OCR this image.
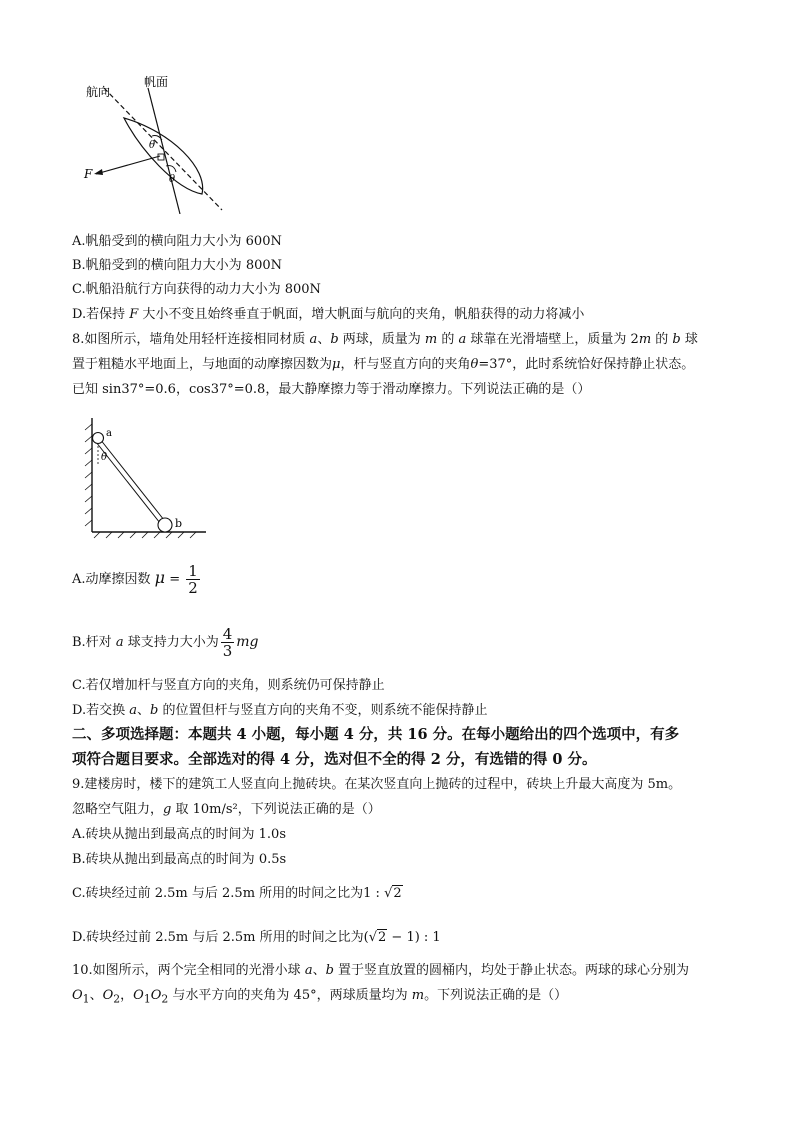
航向
帆面
F
θ
θ
A.帆船受到的横向阻力大小为 600N
B.帆船受到的横向阻力大小为 800N
C.帆船沿航行方向获得的动力大小为 800N
D.若保持 F 大小不变且始终垂直于帆面，增大帆面与航向的夹角，帆船获得的动力将减小
8.如图所示，墙角处用轻杆连接相同材质 a、b 两球，质量为 m 的 a 球靠在光滑墙壁上，质量为 2m 的 b 球
置于粗糙水平地面上，与地面的动摩擦因数为μ，杆与竖直方向的夹角θ=37°，此时系统恰好保持静止状态。
已知 sin37°=0.6，cos37°=0.8，最大静摩擦力等于滑动摩擦力。下列说法正确的是（）
a
b
θ
A.动摩擦因数 $\mu = \frac{1}{2}$
B.杆对 a 球支持力大小为 $\frac{4}{3}$ mg
C.若仅增加杆与竖直方向的夹角，则系统仍可保持静止
D.若交换 a、b 的位置但杆与竖直方向的夹角不变，则系统不能保持静止
二、多项选择题：本题共 4 小题，每小题 4 分，共 16 分。在每小题给出的四个选项中，有多
项符合题目要求。全部选对的得 4 分，选对但不全的得 2 分，有选错的得 0 分。
9.建楼房时，楼下的建筑工人竖直向上抛砖块。在某次竖直向上抛砖的过程中，砖块上升最大高度为 5m。
忽略空气阻力，g 取 10m/s²，下列说法正确的是（）
A.砖块从抛出到最高点的时间为 1.0s
B.砖块从抛出到最高点的时间为 0.5s
C.砖块经过前 2.5m 与后 2.5m 所用的时间之比为1 : √2
D.砖块经过前 2.5m 与后 2.5m 所用的时间之比为(√2 − 1) : 1
10.如图所示，两个完全相同的光滑小球 a、b 置于竖直放置的圆桶内，均处于静止状态。两球的球心分别为
$O_1$、$O_2$，$O_1O_2$ 与水平方向的夹角为 45°，两球质量均为 m。下列说法正确的是（）
